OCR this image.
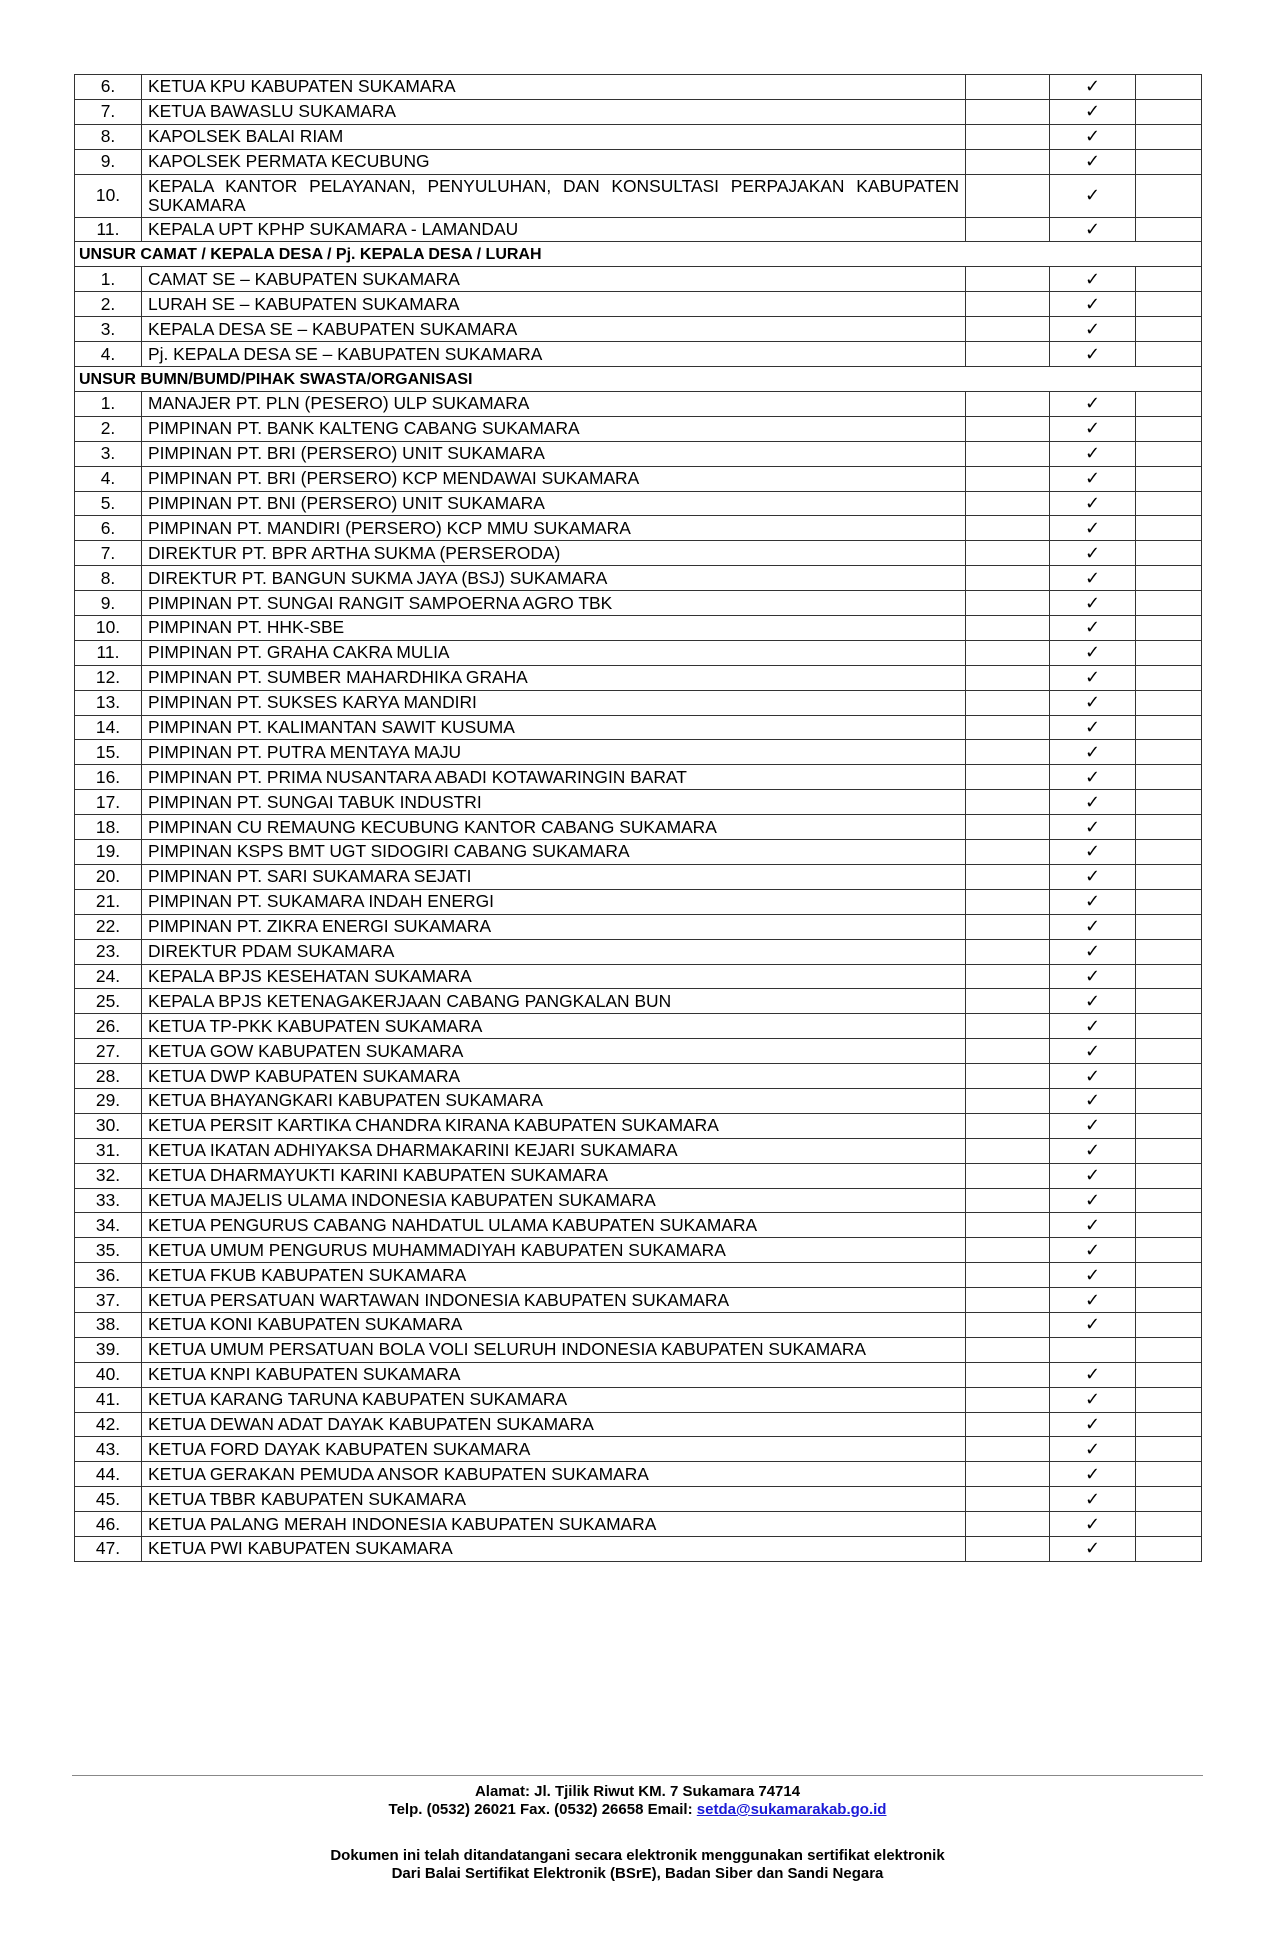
6.	KETUA KPU KABUPATEN SUKAMARA		✓	
7.	KETUA BAWASLU SUKAMARA		✓	
8.	KAPOLSEK BALAI RIAM		✓	
9.	KAPOLSEK PERMATA KECUBUNG		✓	
10.	KEPALA KANTOR PELAYANAN, PENYULUHAN, DAN KONSULTASI PERPAJAKAN KABUPATEN SUKAMARA		✓	
11.	KEPALA UPT KPHP SUKAMARA - LAMANDAU		✓	
UNSUR CAMAT / KEPALA DESA / Pj. KEPALA DESA / LURAH				
1.	CAMAT SE – KABUPATEN SUKAMARA		✓	
2.	LURAH SE – KABUPATEN SUKAMARA		✓	
3.	KEPALA DESA SE – KABUPATEN SUKAMARA		✓	
4.	Pj. KEPALA DESA SE – KABUPATEN SUKAMARA		✓	
UNSUR BUMN/BUMD/PIHAK SWASTA/ORGANISASI				
1.	MANAJER PT. PLN (PESERO) ULP SUKAMARA		✓	
2.	PIMPINAN PT. BANK KALTENG CABANG SUKAMARA		✓	
3.	PIMPINAN PT. BRI (PERSERO) UNIT SUKAMARA		✓	
4.	PIMPINAN PT. BRI (PERSERO) KCP MENDAWAI SUKAMARA		✓	
5.	PIMPINAN PT. BNI (PERSERO) UNIT SUKAMARA		✓	
6.	PIMPINAN PT. MANDIRI (PERSERO) KCP MMU SUKAMARA		✓	
7.	DIREKTUR PT. BPR ARTHA SUKMA (PERSERODA)		✓	
8.	DIREKTUR PT. BANGUN SUKMA JAYA (BSJ) SUKAMARA		✓	
9.	PIMPINAN PT. SUNGAI RANGIT SAMPOERNA AGRO TBK		✓	
10.	PIMPINAN PT. HHK-SBE		✓	
11.	PIMPINAN PT. GRAHA CAKRA MULIA		✓	
12.	PIMPINAN PT. SUMBER MAHARDHIKA GRAHA		✓	
13.	PIMPINAN PT. SUKSES KARYA MANDIRI		✓	
14.	PIMPINAN PT. KALIMANTAN SAWIT KUSUMA		✓	
15.	PIMPINAN PT. PUTRA MENTAYA MAJU		✓	
16.	PIMPINAN PT. PRIMA NUSANTARA ABADI KOTAWARINGIN BARAT		✓	
17.	PIMPINAN PT. SUNGAI TABUK INDUSTRI		✓	
18.	PIMPINAN CU REMAUNG KECUBUNG KANTOR CABANG SUKAMARA		✓	
19.	PIMPINAN KSPS BMT UGT SIDOGIRI CABANG SUKAMARA		✓	
20.	PIMPINAN PT. SARI SUKAMARA SEJATI		✓	
21.	PIMPINAN PT. SUKAMARA INDAH ENERGI		✓	
22.	PIMPINAN PT. ZIKRA ENERGI SUKAMARA		✓	
23.	DIREKTUR PDAM SUKAMARA		✓	
24.	KEPALA BPJS KESEHATAN SUKAMARA		✓	
25.	KEPALA BPJS KETENAGAKERJAAN CABANG PANGKALAN BUN		✓	
26.	KETUA TP-PKK KABUPATEN SUKAMARA		✓	
27.	KETUA GOW KABUPATEN SUKAMARA		✓	
28.	KETUA DWP KABUPATEN SUKAMARA		✓	
29.	KETUA BHAYANGKARI KABUPATEN SUKAMARA		✓	
30.	KETUA PERSIT KARTIKA CHANDRA KIRANA KABUPATEN SUKAMARA		✓	
31.	KETUA IKATAN ADHIYAKSA DHARMAKARINI KEJARI SUKAMARA		✓	
32.	KETUA DHARMAYUKTI KARINI KABUPATEN SUKAMARA		✓	
33.	KETUA MAJELIS ULAMA INDONESIA KABUPATEN SUKAMARA		✓	
34.	KETUA PENGURUS CABANG NAHDATUL ULAMA KABUPATEN SUKAMARA		✓	
35.	KETUA UMUM PENGURUS MUHAMMADIYAH KABUPATEN SUKAMARA		✓	
36.	KETUA FKUB KABUPATEN SUKAMARA		✓	
37.	KETUA PERSATUAN WARTAWAN INDONESIA KABUPATEN SUKAMARA		✓	
38.	KETUA KONI KABUPATEN SUKAMARA		✓	
39.	KETUA UMUM PERSATUAN BOLA VOLI SELURUH INDONESIA KABUPATEN SUKAMARA			
40.	KETUA KNPI KABUPATEN SUKAMARA		✓	
41.	KETUA KARANG TARUNA KABUPATEN SUKAMARA		✓	
42.	KETUA DEWAN ADAT DAYAK KABUPATEN SUKAMARA		✓	
43.	KETUA FORD DAYAK KABUPATEN SUKAMARA		✓	
44.	KETUA GERAKAN PEMUDA ANSOR KABUPATEN SUKAMARA		✓	
45.	KETUA TBBR KABUPATEN SUKAMARA		✓	
46.	KETUA PALANG MERAH INDONESIA KABUPATEN SUKAMARA		✓	
47.	KETUA PWI KABUPATEN SUKAMARA		✓	
Alamat: Jl. Tjilik Riwut KM. 7 Sukamara 74714
Telp. (0532) 26021 Fax. (0532) 26658 Email: setda@sukamarakab.go.id
Dokumen ini telah ditandatangani secara elektronik menggunakan sertifikat elektronik
Dari Balai Sertifikat Elektronik (BSrE), Badan Siber dan Sandi Negara
